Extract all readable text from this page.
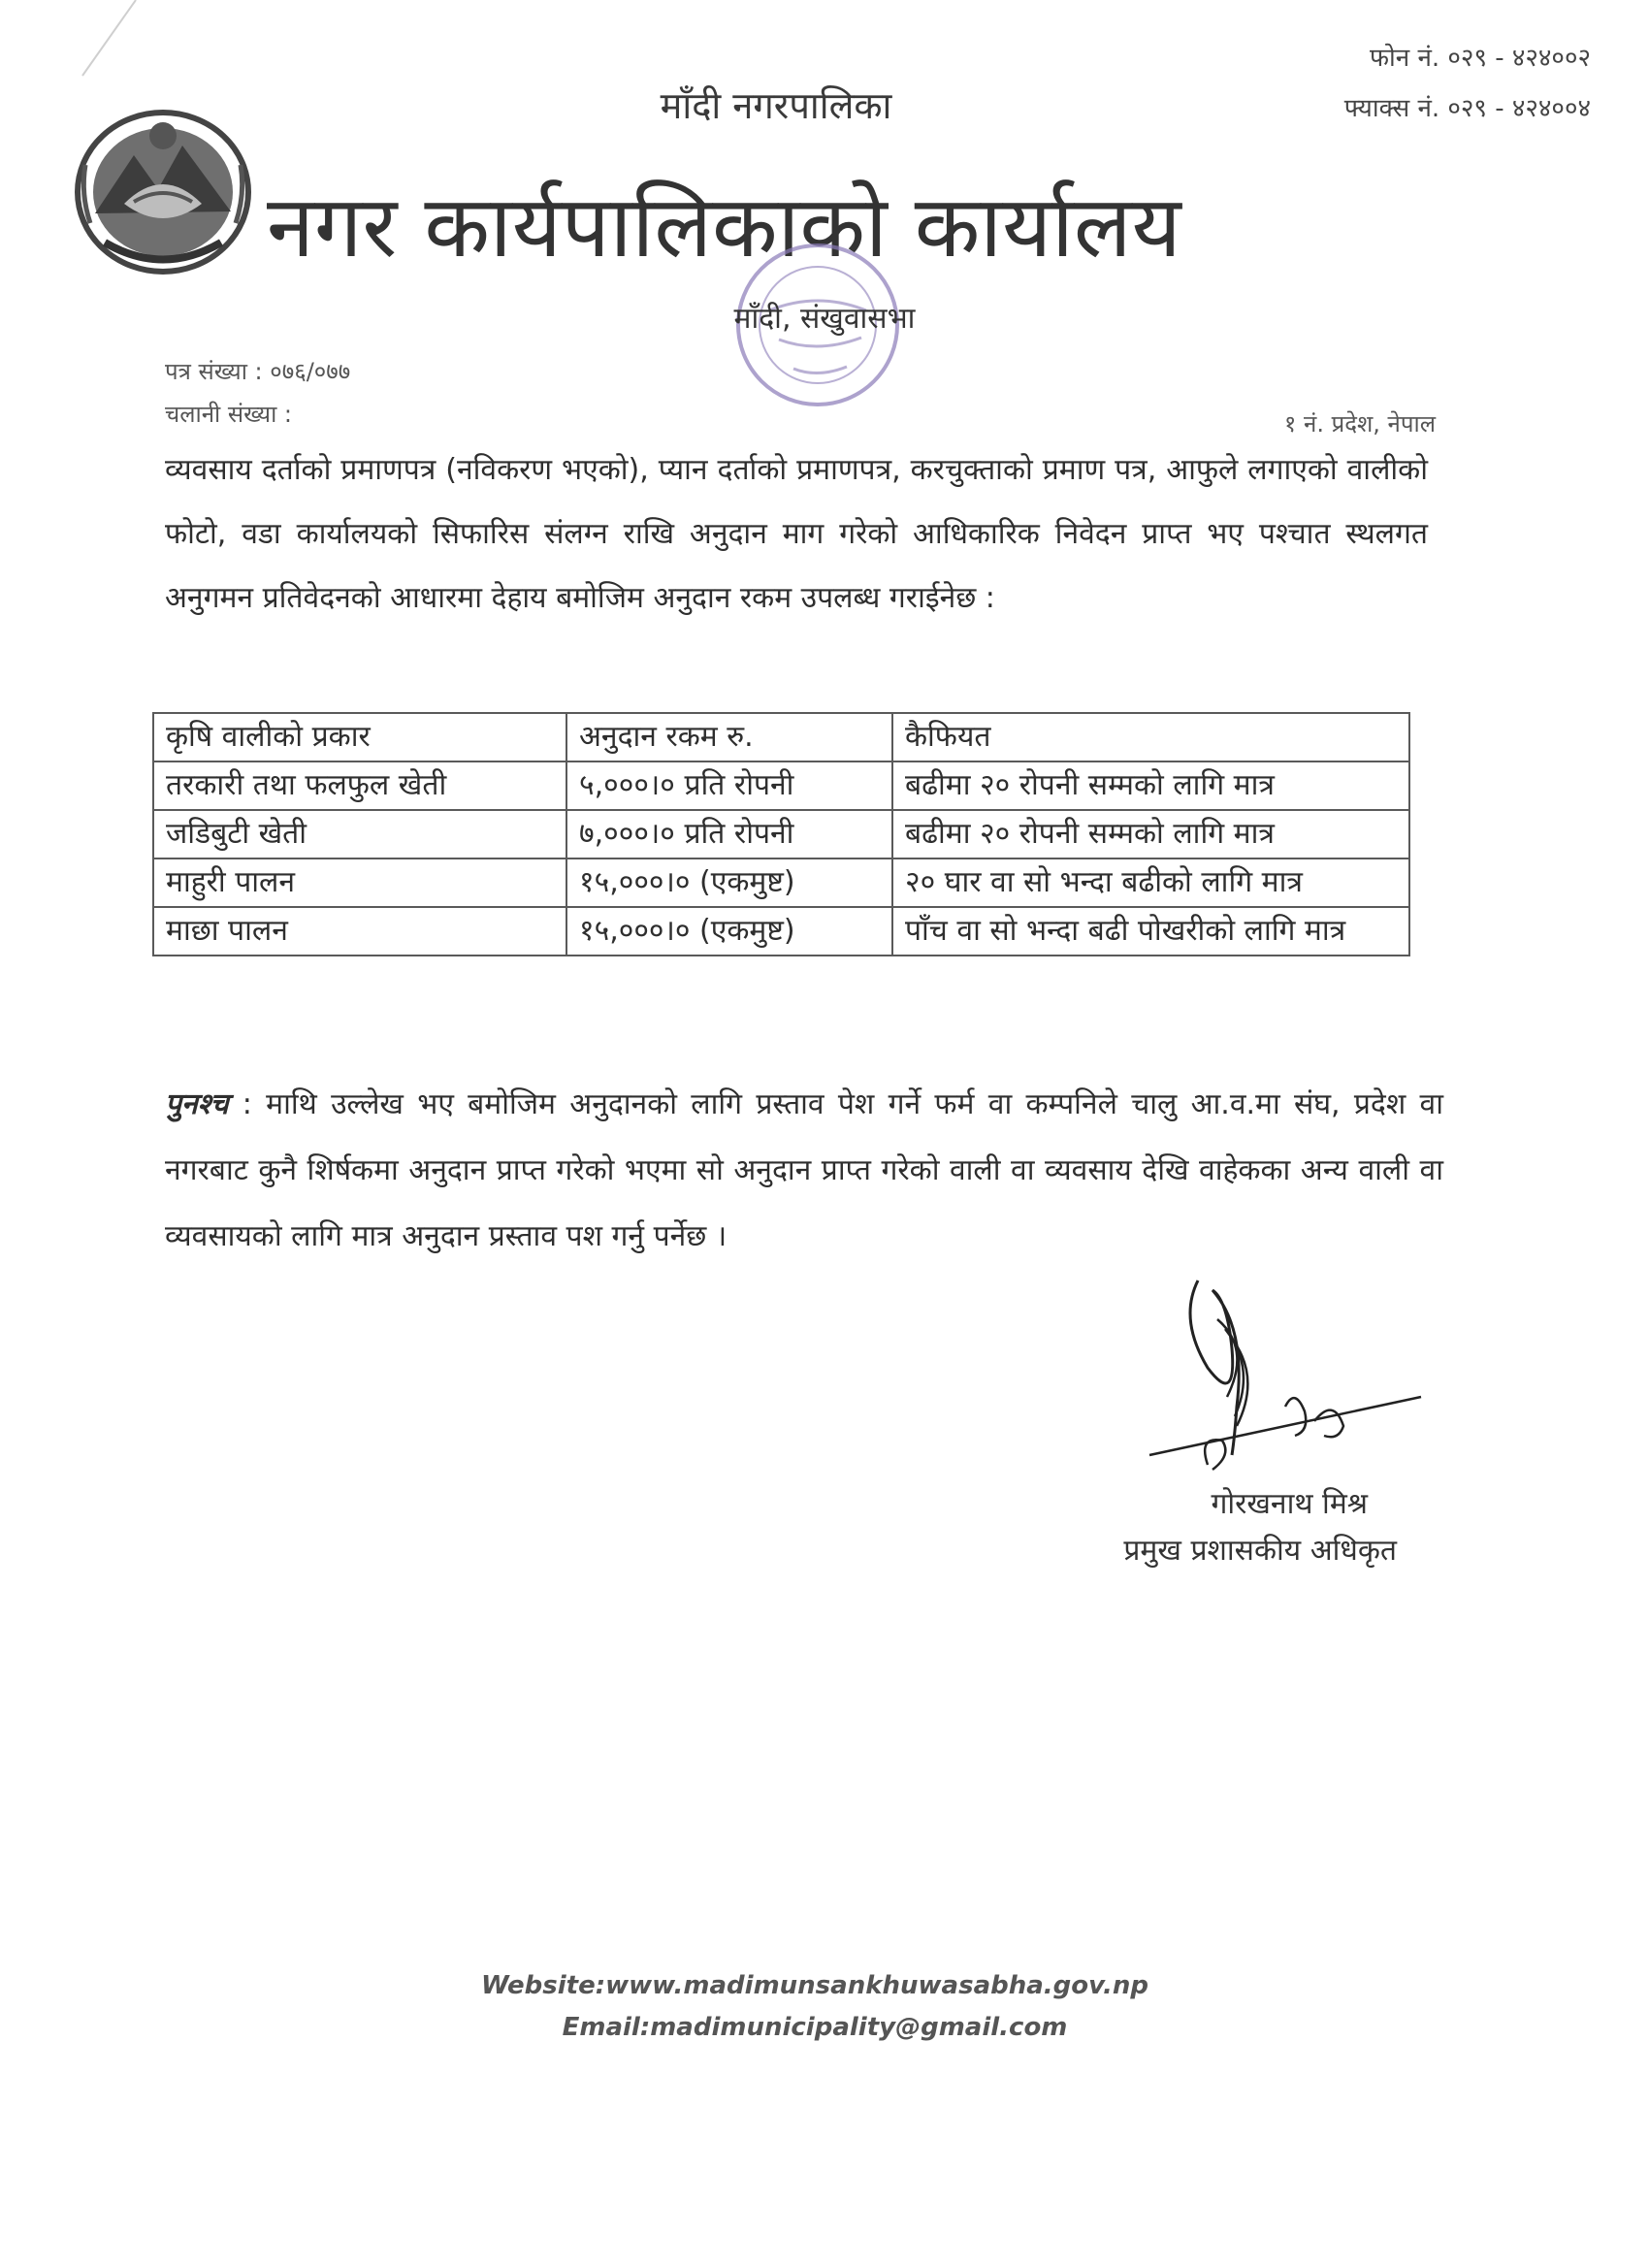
माँदी नगरपालिका
फोन नं. ०२९ - ४२४००२
फ्याक्स नं. ०२९ - ४२४००४
नगर कार्यपालिकाको कार्यालय
माँदी, संखुवासभा
पत्र संख्या : ०७६/०७७
चलानी संख्या :	१ नं. प्रदेश, नेपाल
व्यवसाय दर्ताको प्रमाणपत्र (नविकरण भएको), प्यान दर्ताको प्रमाणपत्र, करचुक्ताको प्रमाण पत्र, आफुले लगाएको वालीको फोटो, वडा कार्यालयको सिफारिस संलग्न राखि अनुदान माग गरेको आधिकारिक निवेदन प्राप्त भए पश्चात स्थलगत अनुगमन प्रतिवेदनको आधारमा देहाय बमोजिम अनुदान रकम उपलब्ध गराईनेछ :
कृषि वालीको प्रकार	अनुदान रकम रु.	कैफियत
तरकारी तथा फलफुल खेती	५,०००।० प्रति रोपनी	बढीमा २० रोपनी सम्मको लागि मात्र
जडिबुटी खेती	७,०००।० प्रति रोपनी	बढीमा २० रोपनी सम्मको लागि मात्र
माहुरी पालन	१५,०००।० (एकमुष्ट)	२० घार वा सो भन्दा बढीको लागि मात्र
माछा पालन	१५,०००।० (एकमुष्ट)	पाँच वा सो भन्दा बढी पोखरीको लागि मात्र
पुनश्च : माथि उल्लेख भए बमोजिम अनुदानको लागि प्रस्ताव पेश गर्ने फर्म वा कम्पनिले चालु आ.व.मा संघ, प्रदेश वा नगरबाट कुनै शिर्षकमा अनुदान प्राप्त गरेको भएमा सो अनुदान प्राप्त गरेको वाली वा व्यवसाय देखि वाहेकका अन्य वाली वा व्यवसायको लागि मात्र अनुदान प्रस्ताव पश गर्नु पर्नेछ ।
गोरखनाथ मिश्र
प्रमुख प्रशासकीय अधिकृत
Website:www.madimunsankhuwasabha.gov.np
Email:madimunicipality@gmail.com
